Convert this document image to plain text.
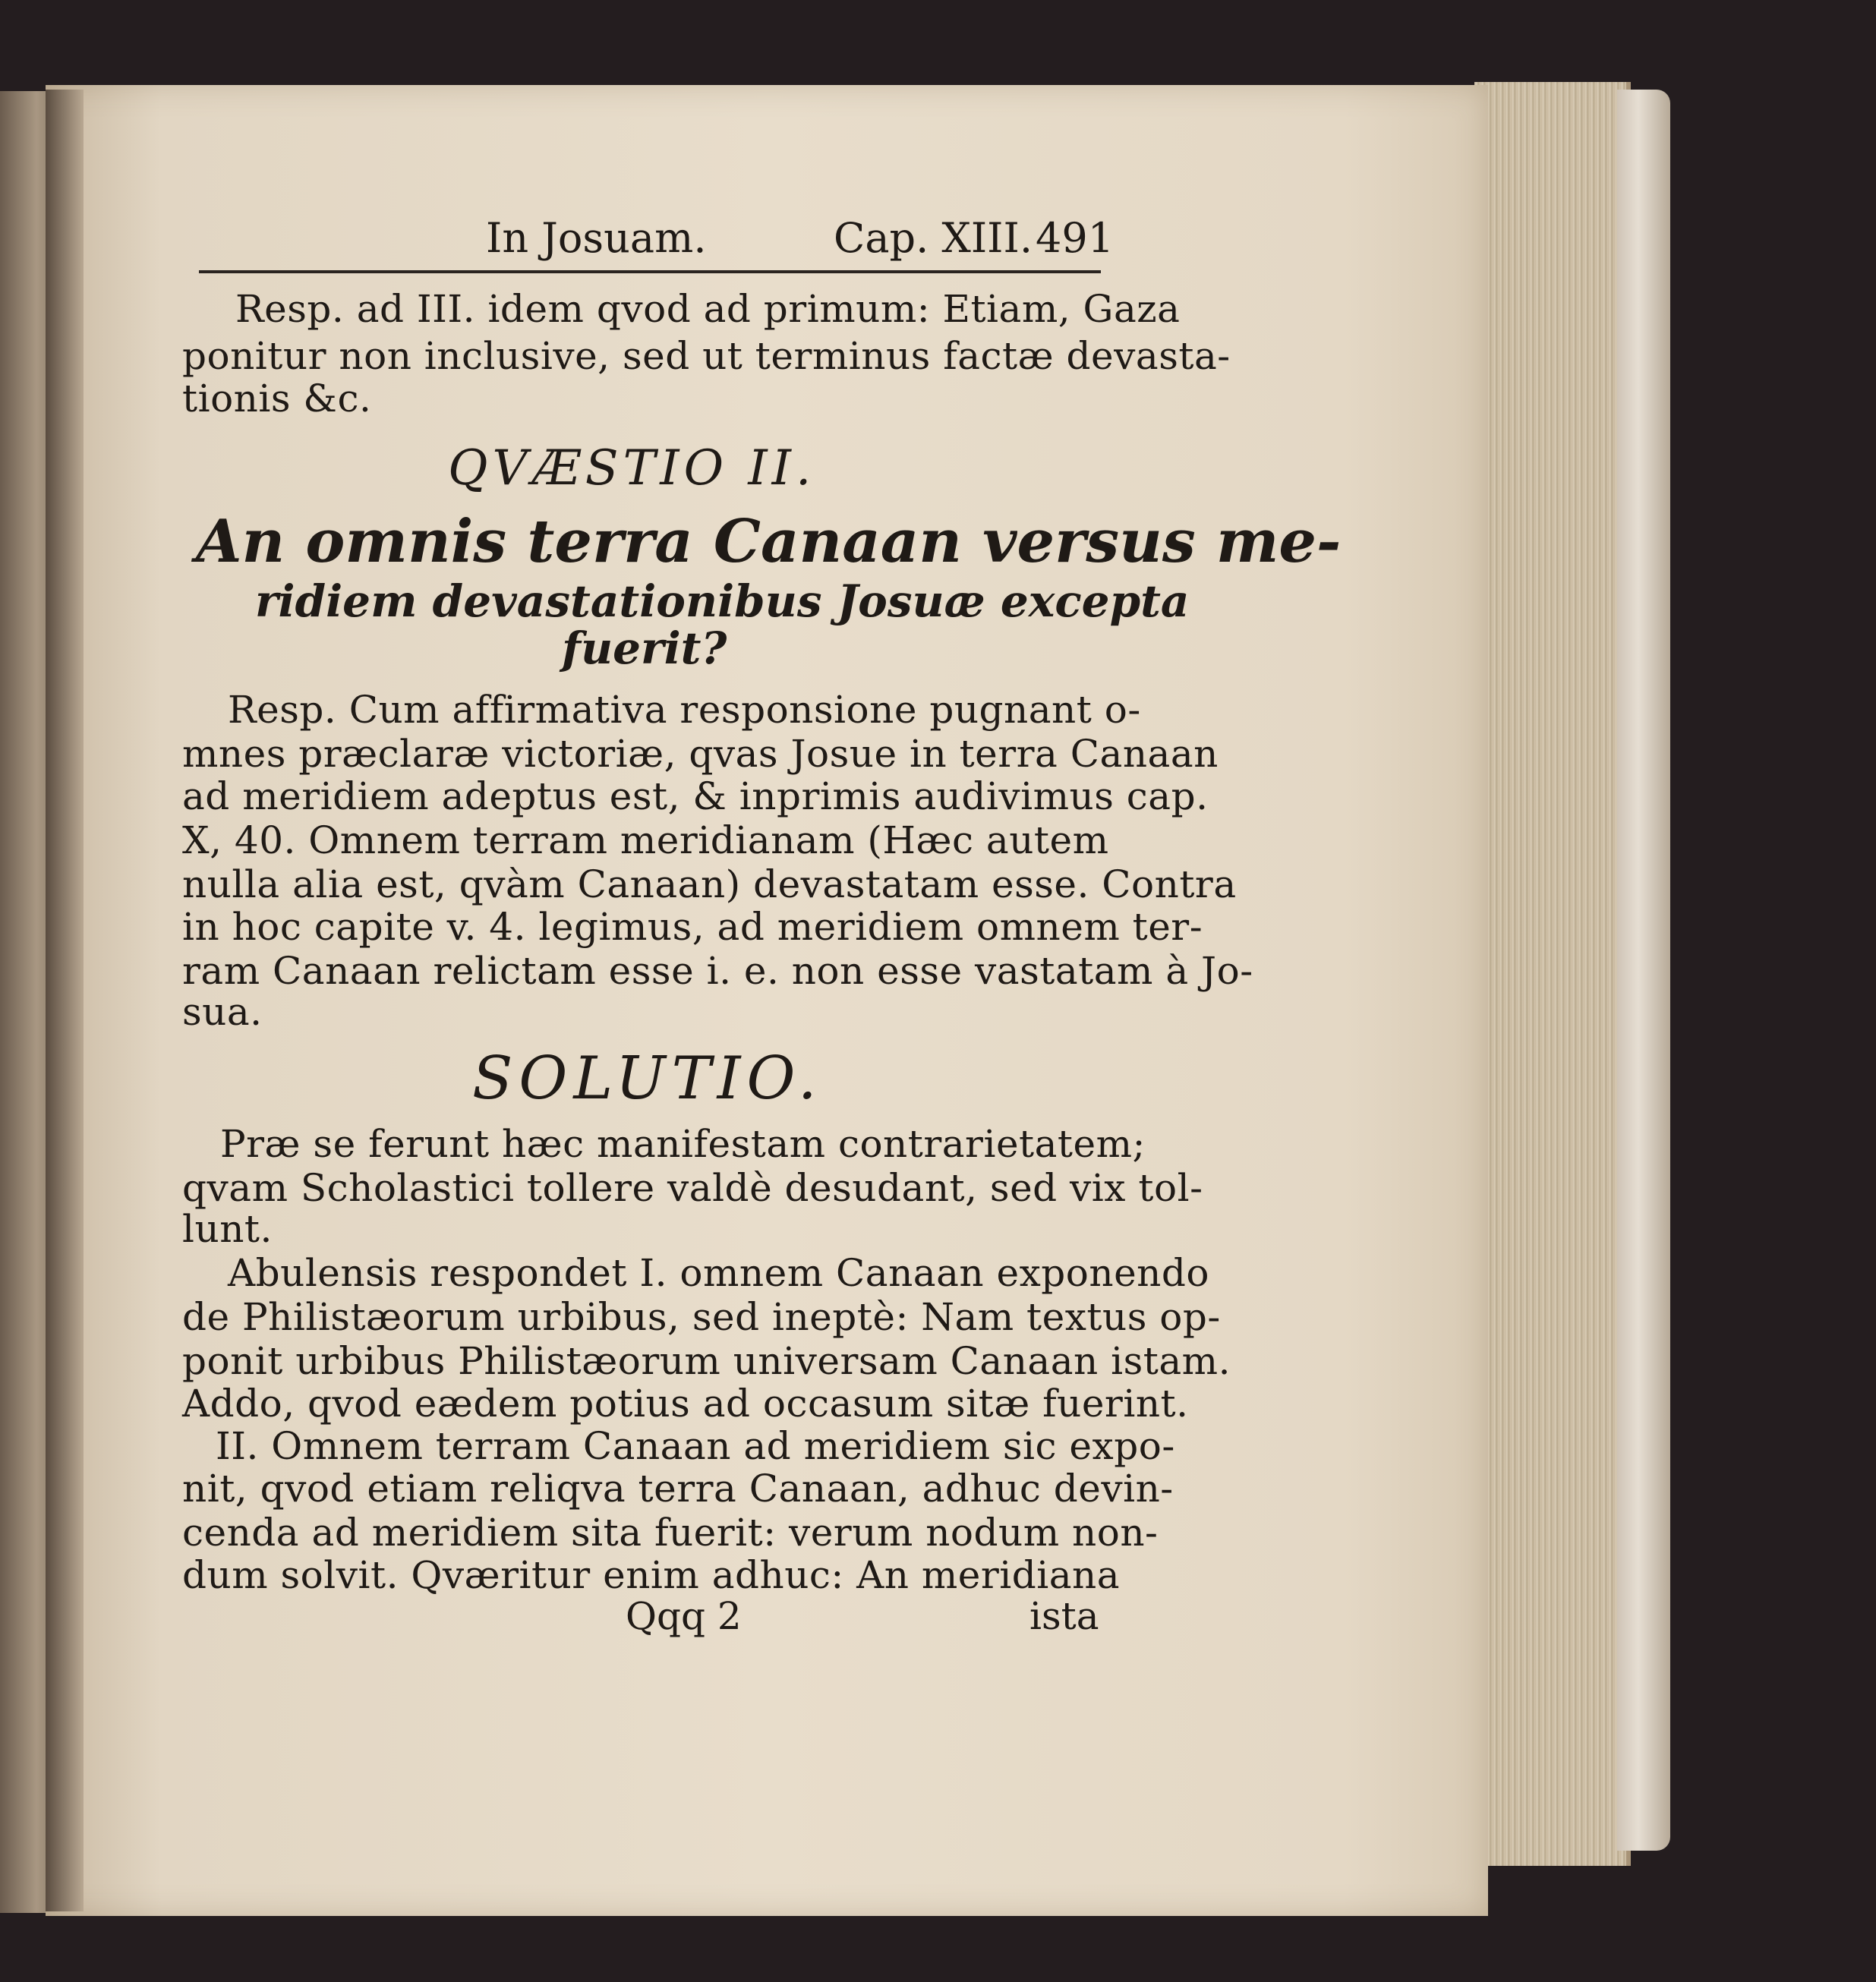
In Josuam.	Cap. XIII. 491
Resp. ad III. idem qvod ad primum: Etiam, Gaza
ponitur non inclusive, sed ut terminus factæ devasta-
tionis &c.
QVÆSTIO II.
An omnis terra Canaan versus me-
ridiem devastationibus Josuæ excepta
fuerit?
Resp. Cum affirmativa responsione pugnant o-
mnes præclaræ victoriæ, qvas Josue in terra Canaan
ad meridiem adeptus est, & inprimis audivimus cap.
X, 40. Omnem terram meridianam (Hæc autem
nulla alia est, qvàm Canaan) devastatam esse. Contra
in hoc capite v. 4. legimus, ad meridiem omnem ter-
ram Canaan relictam esse i. e. non esse vastatam à Jo-
sua.
SOLUTIO.
Præ se ferunt hæc manifestam contrarietatem;
qvam Scholastici tollere valdè desudant, sed vix tol-
lunt.
Abulensis respondet I. omnem Canaan exponendo
de Philistæorum urbibus, sed ineptè: Nam textus op-
ponit urbibus Philistæorum universam Canaan istam.
Addo, qvod eædem potius ad occasum sitæ fuerint.
II. Omnem terram Canaan ad meridiem sic expo-
nit, qvod etiam reliqva terra Canaan, adhuc devin-
cenda ad meridiem sita fuerit: verum nodum non-
dum solvit. Qværitur enim adhuc: An meridiana
Qqq 2	ista
